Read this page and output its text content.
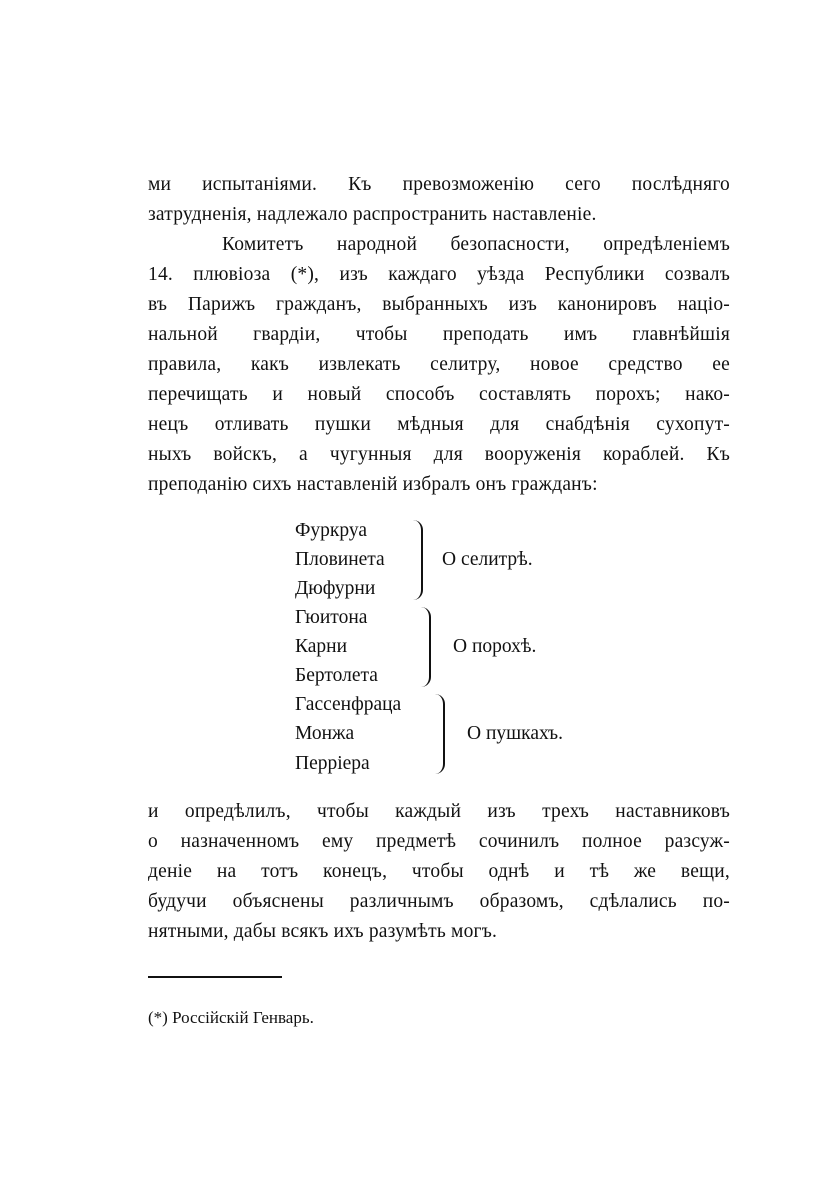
ми испытаніями. Къ превозможенію сего послѣдняго
затрудненія, надлежало распространить наставленіе.
Комитетъ народной безопасности, опредѣленіемъ
14. плювіоза (*), изъ каждаго уѣзда Республики созвалъ
въ Парижъ гражданъ, выбранныхъ изъ канонировъ націо-
нальной гвардіи, чтобы преподать имъ главнѣйшія
правила, какъ извлекать селитру, новое средство ее
перечищать и новый способъ составлять порохъ; нако-
нецъ отливать пушки мѣдныя для снабдѣнія сухопут-
ныхъ войскъ, а чугунныя для вооруженія кораблей. Къ
преподанію сихъ наставленій избралъ онъ гражданъ:
Фуркруа
Пловинета
Дюфурни
О селитрѣ.
Гюитона
Карни
Бертолета
О порохѣ.
Гассенфраца
Монжа
Перріера
О пушкахъ.
и опредѣлилъ, чтобы каждый изъ трехъ наставниковъ
о назначенномъ ему предметѣ сочинилъ полное разсуж-
деніе на тотъ конецъ, чтобы однѣ и тѣ же вещи,
будучи объяснены различнымъ образомъ, сдѣлались по-
нятными, дабы всякъ ихъ разумѣть могъ.
(*) Россійскій Генварь.
